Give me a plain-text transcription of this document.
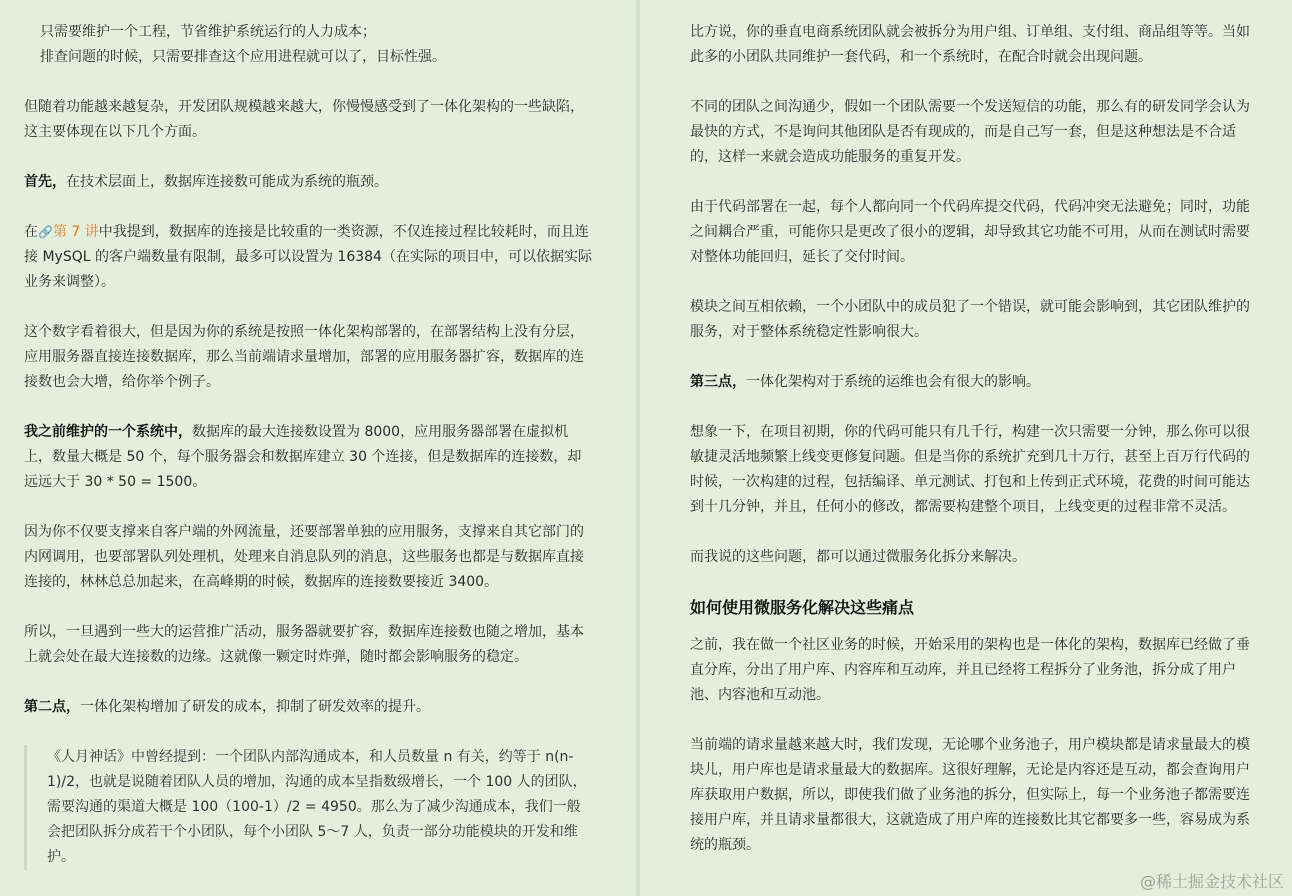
只需要维护一个工程，节省维护系统运行的人力成本；

排查问题的时候，只需要排查这个应用进程就可以了，目标性强。

但随着功能越来越复杂，开发团队规模越来越大，你慢慢感受到了一体化架构的一些缺陷，这主要体现在以下几个方面。

首先，在技术层面上，数据库连接数可能成为系统的瓶颈。

在🔗第 7 讲中我提到，数据库的连接是比较重的一类资源，不仅连接过程比较耗时，而且连接 MySQL 的客户端数量有限制，最多可以设置为 16384（在实际的项目中，可以依据实际业务来调整）。

这个数字看着很大，但是因为你的系统是按照一体化架构部署的，在部署结构上没有分层，应用服务器直接连接数据库，那么当前端请求量增加，部署的应用服务器扩容，数据库的连接数也会大增，给你举个例子。

我之前维护的一个系统中，数据库的最大连接数设置为 8000，应用服务器部署在虚拟机上，数量大概是 50 个，每个服务器会和数据库建立 30 个连接，但是数据库的连接数，却远远大于 30 * 50 = 1500。

因为你不仅要支撑来自客户端的外网流量，还要部署单独的应用服务，支撑来自其它部门的内网调用，也要部署队列处理机，处理来自消息队列的消息，这些服务也都是与数据库直接连接的，林林总总加起来，在高峰期的时候，数据库的连接数要接近 3400。

所以，一旦遇到一些大的运营推广活动，服务器就要扩容，数据库连接数也随之增加，基本上就会处在最大连接数的边缘。这就像一颗定时炸弹，随时都会影响服务的稳定。

第二点，一体化架构增加了研发的成本，抑制了研发效率的提升。

《人月神话》中曾经提到：一个团队内部沟通成本，和人员数量 n 有关，约等于 n(n-1)/2，也就是说随着团队人员的增加，沟通的成本呈指数级增长，一个 100 人的团队，需要沟通的渠道大概是 100（100-1）/2 = 4950。那么为了减少沟通成本，我们一般会把团队拆分成若干个小团队，每个小团队 5～7 人，负责一部分功能模块的开发和维护。

比方说，你的垂直电商系统团队就会被拆分为用户组、订单组、支付组、商品组等等。当如此多的小团队共同维护一套代码，和一个系统时，在配合时就会出现问题。

不同的团队之间沟通少，假如一个团队需要一个发送短信的功能，那么有的研发同学会认为最快的方式，不是询问其他团队是否有现成的，而是自己写一套，但是这种想法是不合适的，这样一来就会造成功能服务的重复开发。

由于代码部署在一起，每个人都向同一个代码库提交代码，代码冲突无法避免；同时，功能之间耦合严重，可能你只是更改了很小的逻辑，却导致其它功能不可用，从而在测试时需要对整体功能回归，延长了交付时间。

模块之间互相依赖，一个小团队中的成员犯了一个错误，就可能会影响到，其它团队维护的服务，对于整体系统稳定性影响很大。

第三点，一体化架构对于系统的运维也会有很大的影响。

想象一下，在项目初期，你的代码可能只有几千行，构建一次只需要一分钟，那么你可以很敏捷灵活地频繁上线变更修复问题。但是当你的系统扩充到几十万行，甚至上百万行代码的时候，一次构建的过程，包括编译、单元测试、打包和上传到正式环境，花费的时间可能达到十几分钟，并且，任何小的修改，都需要构建整个项目，上线变更的过程非常不灵活。

而我说的这些问题，都可以通过微服务化拆分来解决。

如何使用微服务化解决这些痛点

之前，我在做一个社区业务的时候，开始采用的架构也是一体化的架构，数据库已经做了垂直分库，分出了用户库、内容库和互动库，并且已经将工程拆分了业务池，拆分成了用户池、内容池和互动池。

当前端的请求量越来越大时，我们发现，无论哪个业务池子，用户模块都是请求量最大的模块儿，用户库也是请求量最大的数据库。这很好理解，无论是内容还是互动，都会查询用户库获取用户数据，所以，即使我们做了业务池的拆分，但实际上，每一个业务池子都需要连接用户库，并且请求量都很大，这就造成了用户库的连接数比其它都要多一些，容易成为系统的瓶颈。

@稀土掘金技术社区
